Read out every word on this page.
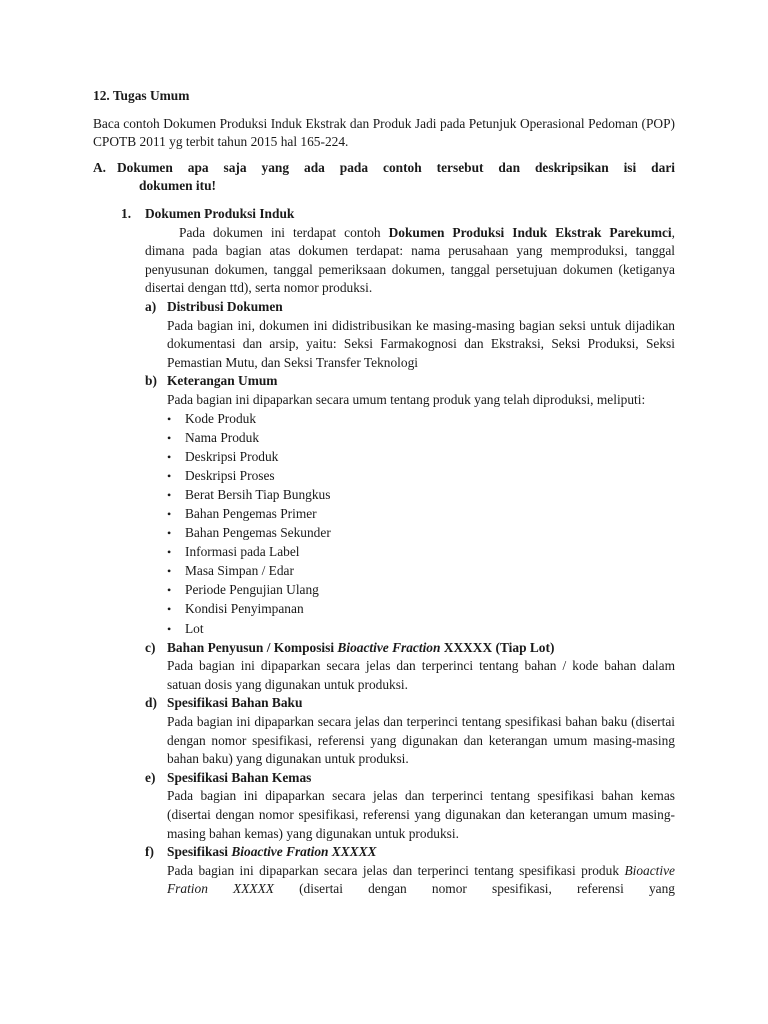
12. Tugas Umum

Baca contoh Dokumen Produksi Induk Ekstrak dan Produk Jadi pada Petunjuk Operasional Pedoman (POP) CPOTB 2011 yg terbit tahun 2015 hal 165-224.

A. Dokumen apa saja yang ada pada contoh tersebut dan deskripsikan isi dari
dokumen itu!
1.	Dokumen Produksi Induk
Pada dokumen ini terdapat contoh Dokumen Produksi Induk Ekstrak Parekumci, dimana pada bagian atas dokumen terdapat: nama perusahaan yang memproduksi, tanggal penyusunan dokumen, tanggal pemeriksaan dokumen, tanggal persetujuan dokumen (ketiganya disertai dengan ttd), serta nomor produksi.
a) Distribusi Dokumen
Pada bagian ini, dokumen ini didistribusikan ke masing-masing bagian seksi untuk dijadikan dokumentasi dan arsip, yaitu: Seksi Farmakognosi dan Ekstraksi, Seksi Produksi, Seksi Pemastian Mutu, dan Seksi Transfer Teknologi
b) Keterangan Umum
Pada bagian ini dipaparkan secara umum tentang produk yang telah diproduksi, meliputi:
•	Kode Produk
•	Nama Produk
•	Deskripsi Produk
•	Deskripsi Proses
•	Berat Bersih Tiap Bungkus
•	Bahan Pengemas Primer
•	Bahan Pengemas Sekunder
•	Informasi pada Label
•	Masa Simpan / Edar
•	Periode Pengujian Ulang
•	Kondisi Penyimpanan
•	Lot
c) Bahan Penyusun / Komposisi Bioactive Fraction XXXXX (Tiap Lot)
Pada bagian ini dipaparkan secara jelas dan terperinci tentang bahan / kode bahan dalam satuan dosis yang digunakan untuk produksi.
d) Spesifikasi Bahan Baku
Pada bagian ini dipaparkan secara jelas dan terperinci tentang spesifikasi bahan baku (disertai dengan nomor spesifikasi, referensi yang digunakan dan keterangan umum masing-masing bahan baku) yang digunakan untuk produksi.
e) Spesifikasi Bahan Kemas
Pada bagian ini dipaparkan secara jelas dan terperinci tentang spesifikasi bahan kemas (disertai dengan nomor spesifikasi, referensi yang digunakan dan keterangan umum masing-masing bahan kemas) yang digunakan untuk produksi.
f) Spesifikasi Bioactive Fration XXXXX
Pada bagian ini dipaparkan secara jelas dan terperinci tentang spesifikasi produk Bioactive Fration XXXXX (disertai dengan nomor spesifikasi, referensi yang
